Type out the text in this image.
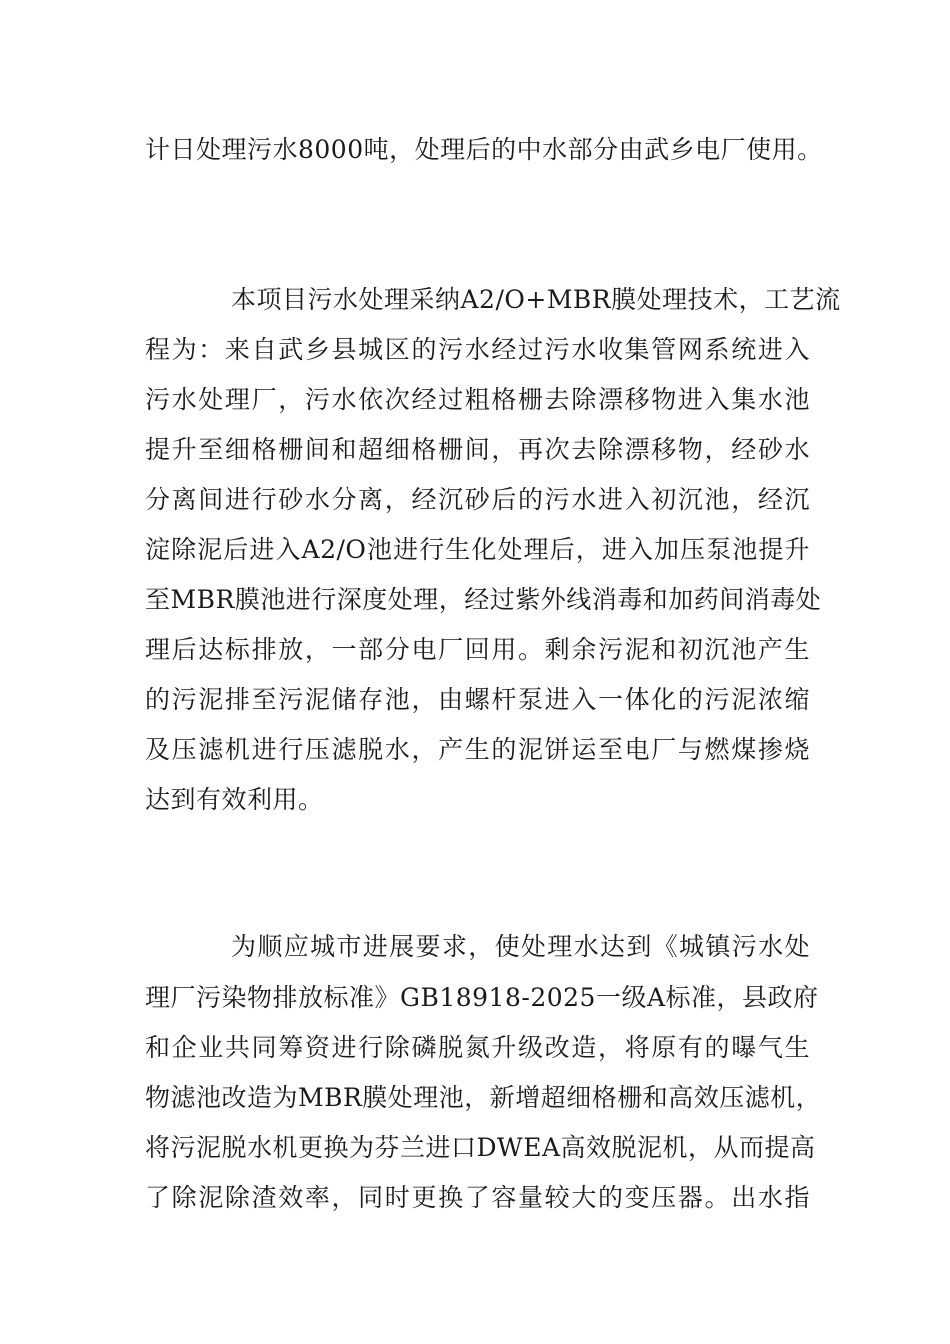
计日处理污水8000吨，处理后的中水部分由武乡电厂使用。
本项目污水处理采纳A2/O+MBR膜处理技术，工艺流
程为：来自武乡县城区的污水经过污水收集管网系统进入
污水处理厂，污水依次经过粗格栅去除漂移物进入集水池
提升至细格栅间和超细格栅间，再次去除漂移物，经砂水
分离间进行砂水分离，经沉砂后的污水进入初沉池，经沉
淀除泥后进入A2/O池进行生化处理后，进入加压泵池提升
至MBR膜池进行深度处理，经过紫外线消毒和加药间消毒处
理后达标排放，一部分电厂回用。剩余污泥和初沉池产生
的污泥排至污泥储存池，由螺杆泵进入一体化的污泥浓缩
及压滤机进行压滤脱水，产生的泥饼运至电厂与燃煤掺烧
达到有效利用。
为顺应城市进展要求，使处理水达到《城镇污水处
理厂污染物排放标准》GB18918-2025一级A标准，县政府
和企业共同筹资进行除磷脱氮升级改造，将原有的曝气生
物滤池改造为MBR膜处理池，新增超细格栅和高效压滤机，
将污泥脱水机更换为芬兰进口DWEA高效脱泥机，从而提高
了除泥除渣效率，同时更换了容量较大的变压器。出水指
